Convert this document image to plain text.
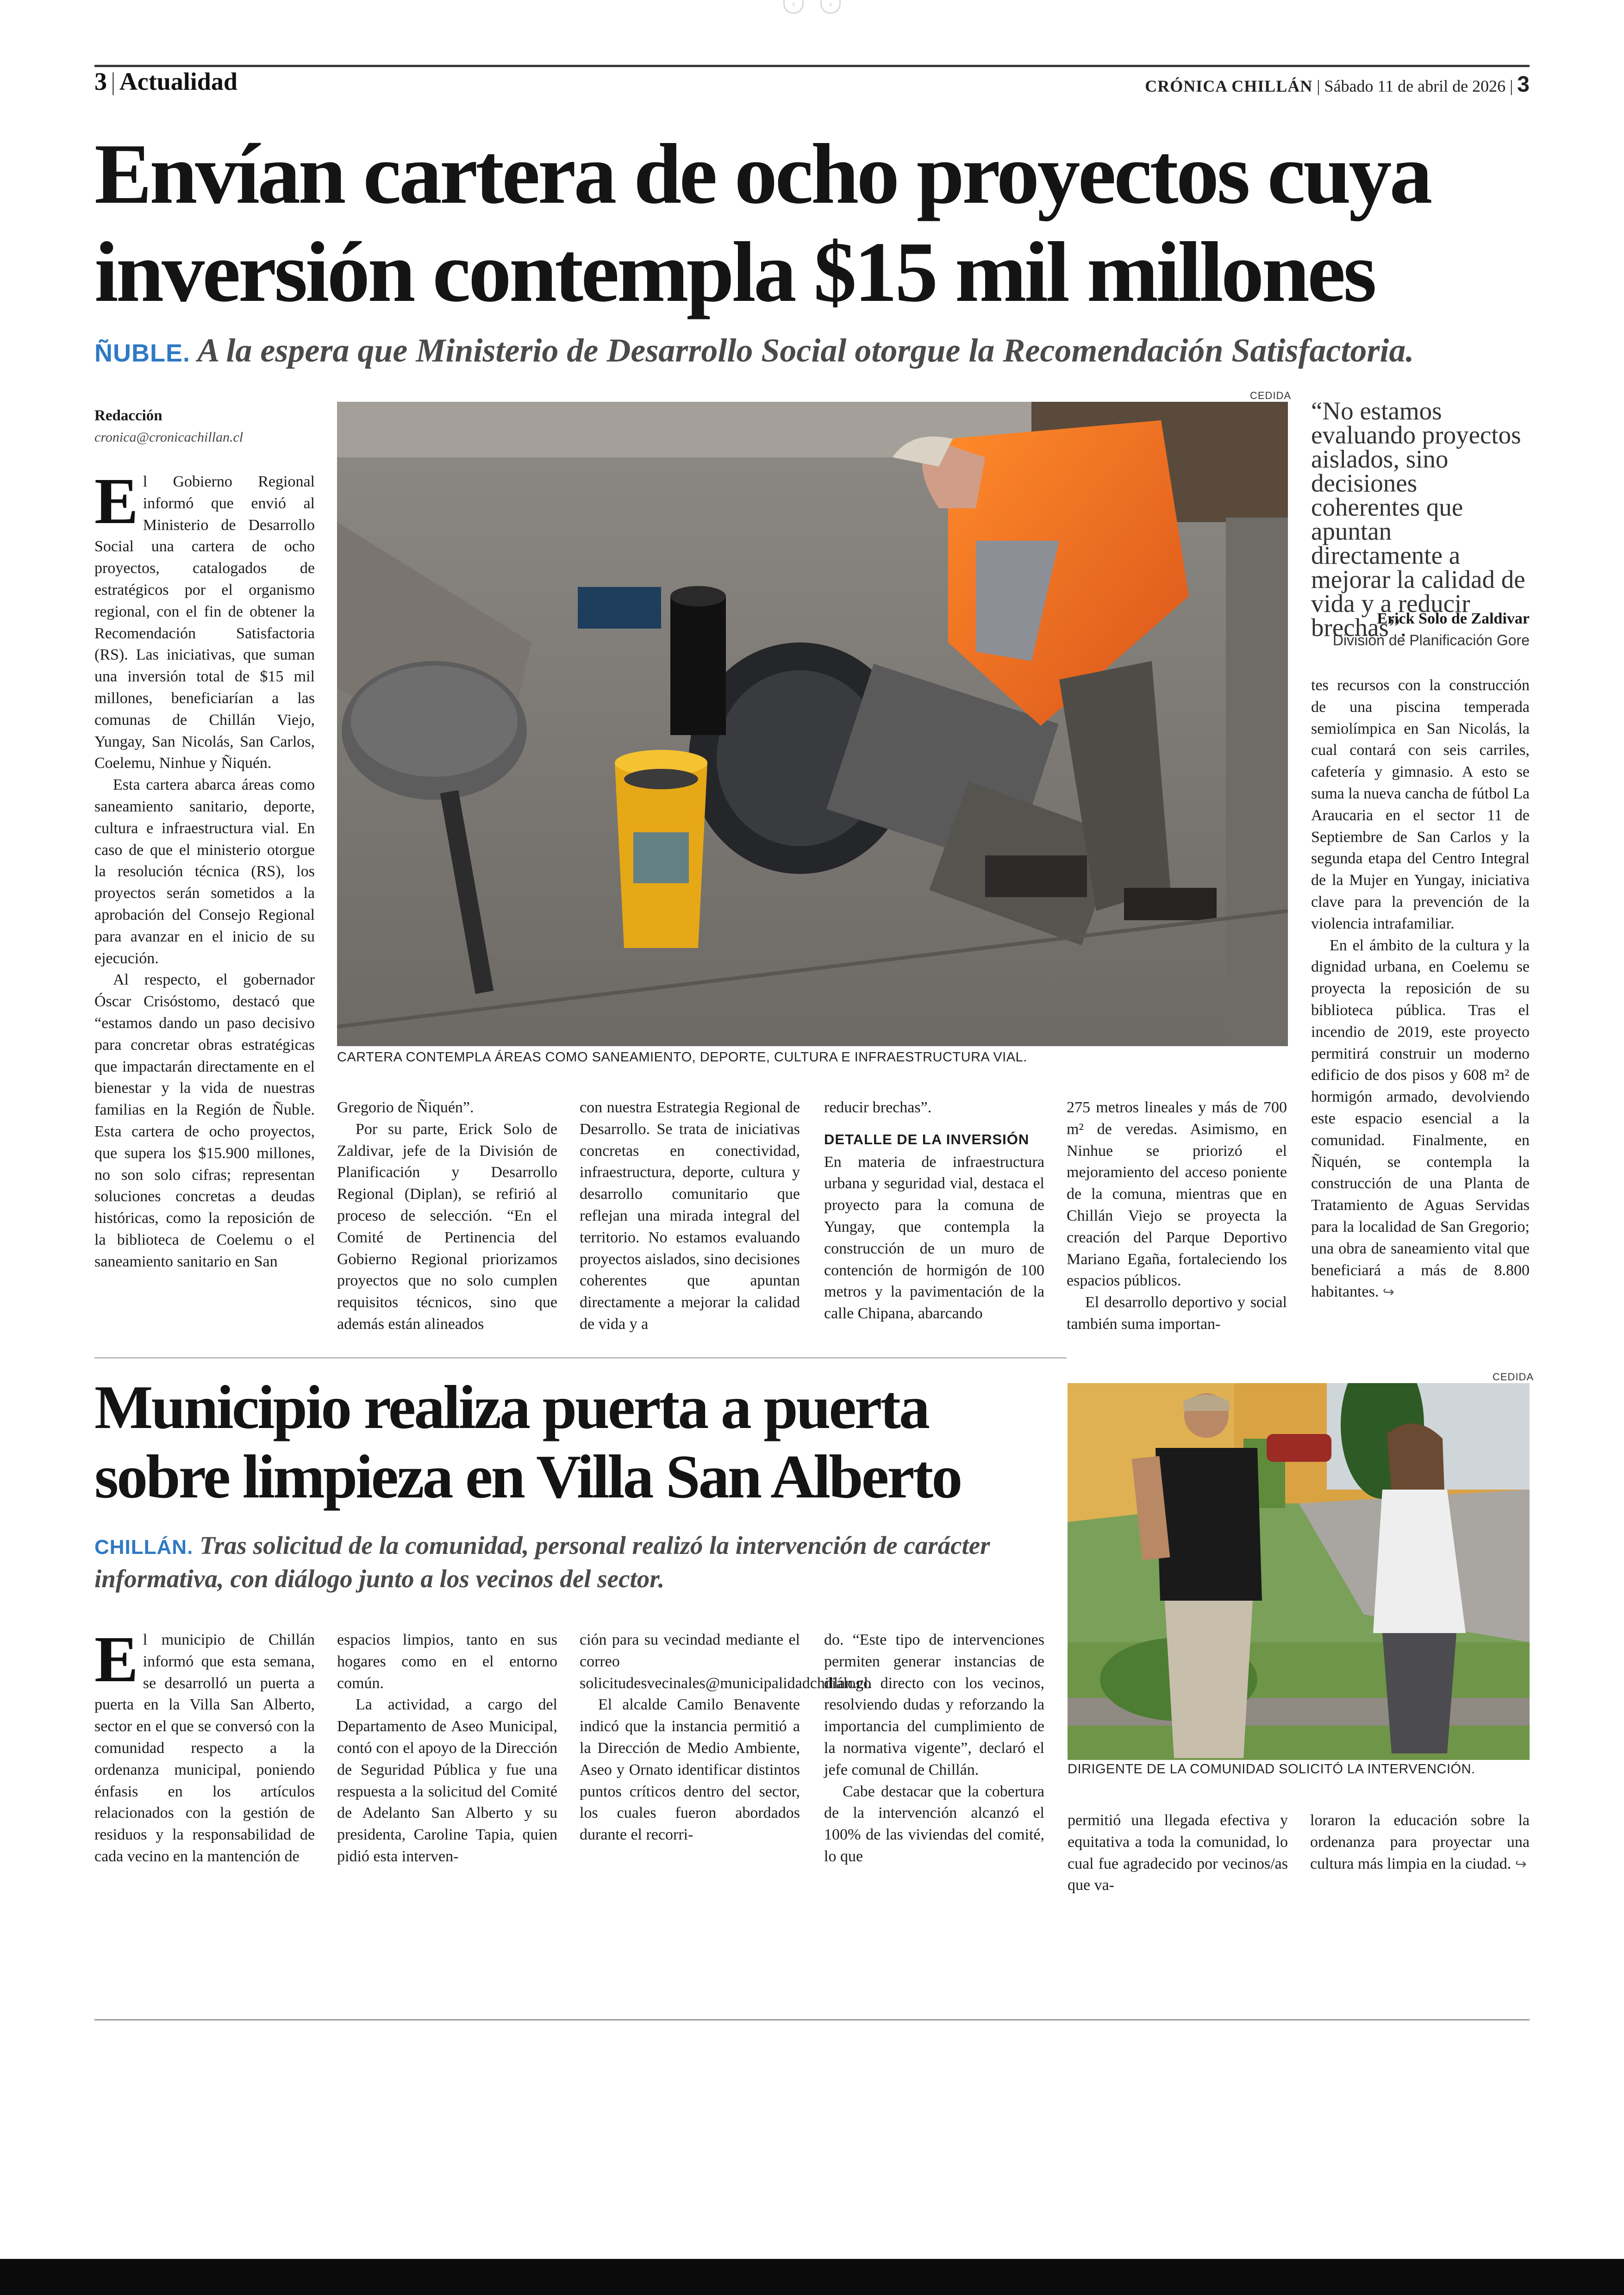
‹	›
3 | Actualidad	CRÓNICA CHILLÁN | Sábado 11 de abril de 2026 | 3
Envían cartera de ocho proyectos cuya inversión contempla $15 mil millones
ÑUBLE. A la espera que Ministerio de Desarrollo Social otorgue la Recomendación Satisfactoria.
Redacción
cronica@cronicachillan.cl

El Gobierno Regional informó que envió al Ministerio de Desarrollo Social una cartera de ocho proyectos, catalogados de estratégicos por el organismo regional, con el fin de obtener la Recomendación Satisfactoria (RS). Las iniciativas, que suman una inversión total de $15 mil millones, beneficiarían a las comunas de Chillán Viejo, Yungay, San Nicolás, San Carlos, Coelemu, Ninhue y Ñiquén.

Esta cartera abarca áreas como saneamiento sanitario, deporte, cultura e infraestructura vial. En caso de que el ministerio otorgue la resolución técnica (RS), los proyectos serán sometidos a la aprobación del Consejo Regional para avanzar en el inicio de su ejecución.

Al respecto, el gobernador Óscar Crisóstomo, destacó que “estamos dando un paso decisivo para concretar obras estratégicas que impactarán directamente en el bienestar y la vida de nuestras familias en la Región de Ñuble. Esta cartera de ocho proyectos, que supera los $15.900 millones, no son solo cifras; representan soluciones concretas a deudas históricas, como la reposición de la biblioteca de Coelemu o el saneamiento sanitario en San

CEDIDA
CARTERA CONTEMPLA ÁREAS COMO SANEAMIENTO, DEPORTE, CULTURA E INFRAESTRUCTURA VIAL.
“No estamos evaluando proyectos aislados, sino decisiones coherentes que apuntan directamente a mejorar la calidad de vida y a reducir brechas”.
Erick Solo de Zaldivar
División de Planificación Gore

Gregorio de Ñiquén”.

Por su parte, Erick Solo de Zaldivar, jefe de la División de Planificación y Desarrollo Regional (Diplan), se refirió al proceso de selección. “En el Comité de Pertinencia del Gobierno Regional priorizamos proyectos que no solo cumplen requisitos técnicos, sino que además están alineados

con nuestra Estrategia Regional de Desarrollo. Se trata de iniciativas concretas en conectividad, infraestructura, deporte, cultura y desarrollo comunitario que reflejan una mirada integral del territorio. No estamos evaluando proyectos aislados, sino decisiones coherentes que apuntan directamente a mejorar la calidad de vida y a

reducir brechas”.

DETALLE DE LA INVERSIÓN

En materia de infraestructura urbana y seguridad vial, destaca el proyecto para la comuna de Yungay, que contempla la construcción de un muro de contención de hormigón de 100 metros y la pavimentación de la calle Chipana, abarcando

275 metros lineales y más de 700 m² de veredas. Asimismo, en Ninhue se priorizó el mejoramiento del acceso poniente de la comuna, mientras que en Chillán Viejo se proyecta la creación del Parque Deportivo Mariano Egaña, fortaleciendo los espacios públicos.

El desarrollo deportivo y social también suma importan-

tes recursos con la construcción de una piscina temperada semiolímpica en San Nicolás, la cual contará con seis carriles, cafetería y gimnasio. A esto se suma la nueva cancha de fútbol La Araucaria en el sector 11 de Septiembre de San Carlos y la segunda etapa del Centro Integral de la Mujer en Yungay, iniciativa clave para la prevención de la violencia intrafamiliar.

En el ámbito de la cultura y la dignidad urbana, en Coelemu se proyecta la reposición de su biblioteca pública. Tras el incendio de 2019, este proyecto permitirá construir un moderno edificio de dos pisos y 608 m² de hormigón armado, devolviendo este espacio esencial a la comunidad. Finalmente, en Ñiquén, se contempla la construcción de una Planta de Tratamiento de Aguas Servidas para la localidad de San Gregorio; una obra de saneamiento vital que beneficiará a más de 8.800 habitantes. ↪

Municipio realiza puerta a puerta sobre limpieza en Villa San Alberto
CHILLÁN. Tras solicitud de la comunidad, personal realizó la intervención de carácter informativa, con diálogo junto a los vecinos del sector.
CEDIDA
DIRIGENTE DE LA COMUNIDAD SOLICITÓ LA INTERVENCIÓN.

El municipio de Chillán informó que esta semana, se desarrolló un puerta a puerta en la Villa San Alberto, sector en el que se conversó con la comunidad respecto a la ordenanza municipal, poniendo énfasis en los artículos relacionados con la gestión de residuos y la responsabilidad de cada vecino en la mantención de

espacios limpios, tanto en sus hogares como en el entorno común.

La actividad, a cargo del Departamento de Aseo Municipal, contó con el apoyo de la Dirección de Seguridad Pública y fue una respuesta a la solicitud del Comité de Adelanto San Alberto y su presidenta, Caroline Tapia, quien pidió esta interven-

ción para su vecindad mediante el correo solicitudesvecinales@municipalidadchillan.cl.

El alcalde Camilo Benavente indicó que la instancia permitió a la Dirección de Medio Ambiente, Aseo y Ornato identificar distintos puntos críticos dentro del sector, los cuales fueron abordados durante el recorri-

do. “Este tipo de intervenciones permiten generar instancias de diálogo directo con los vecinos, resolviendo dudas y reforzando la importancia del cumplimiento de la normativa vigente”, declaró el jefe comunal de Chillán.

Cabe destacar que la cobertura de la intervención alcanzó el 100% de las viviendas del comité, lo que

permitió una llegada efectiva y equitativa a toda la comunidad, lo cual fue agradecido por vecinos/as que va-

loraron la educación sobre la ordenanza para proyectar una cultura más limpia en la ciudad. ↪
